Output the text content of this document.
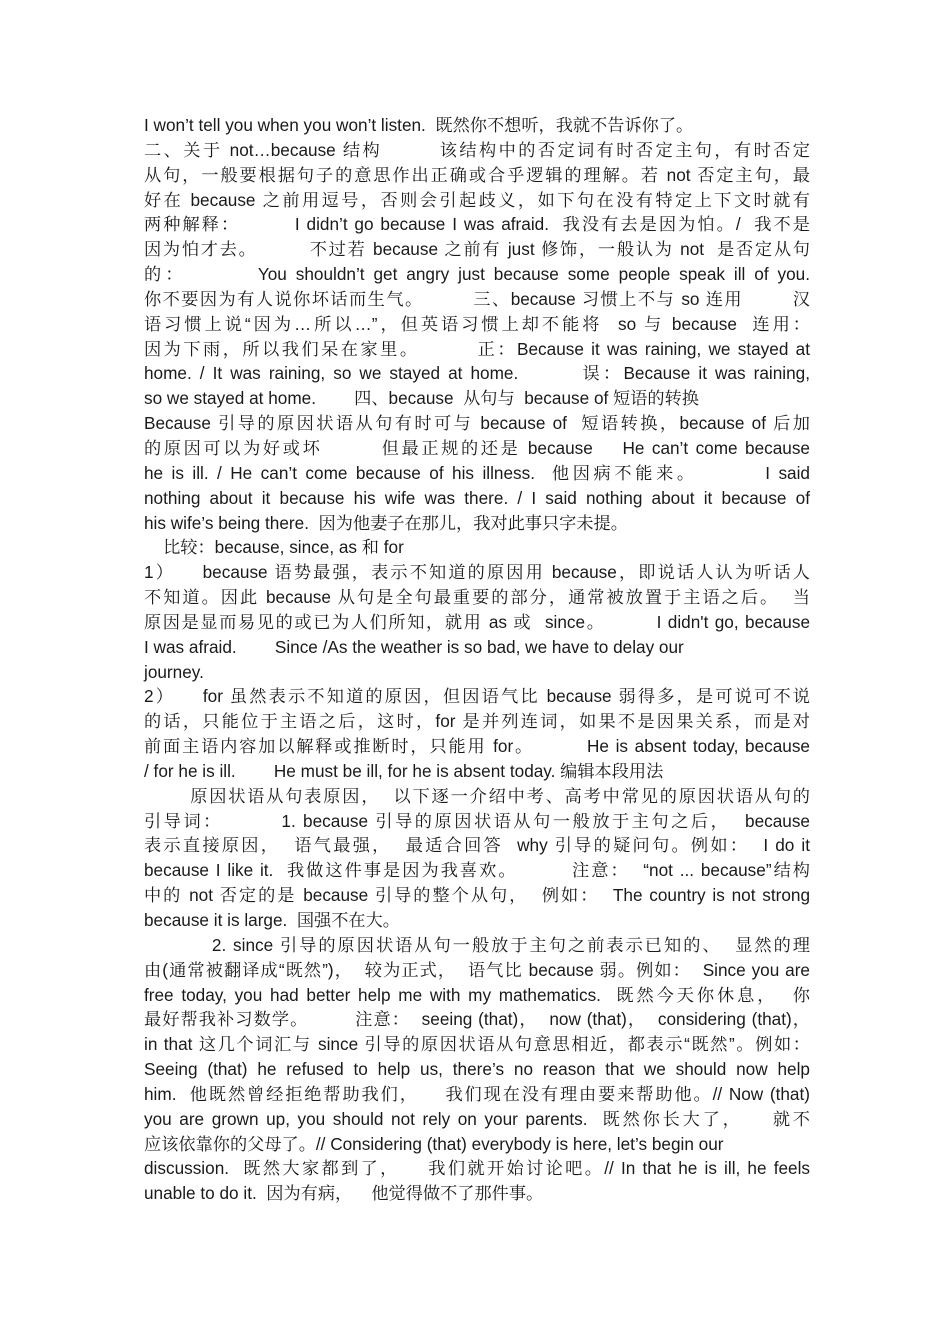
I won’t tell you when you won’t listen.  既然你不想听，我就不告诉你了。
二、关于 not…because 结构        该结构中的否定词有时否定主句，有时否定
从句，一般要根据句子的意思作出正确或合乎逻辑的理解。若 not 否定主句，最
好在 because 之前用逗号，否则会引起歧义，如下句在没有特定上下文时就有
两种解释：        I didn’t go because I was afraid.  我没有去是因为怕。/  我不是
因为怕才去。        不过若 because 之前有 just 修饰，一般认为 not  是否定从句
的：        You shouldn’t get angry just because some people speak ill of you.
你不要因为有人说你坏话而生气。        三、because 习惯上不与 so 连用        汉
语习惯上说“因为…所以…”，但英语习惯上却不能将  so 与 because  连用：
因为下雨，所以我们呆在家里。        正：Because it was raining, we stayed at
home. / It was raining, so we stayed at home.        误：Because it was raining,
so we stayed at home.        四、because  从句与  because of 短语的转换
Because 引导的原因状语从句有时可与 because of  短语转换，because of 后加
的原因可以为好或坏        但最正规的还是 because    He can’t come because
he is ill. / He can’t come because of his illness.  他因病不能来。        I said
nothing about it because his wife was there. / I said nothing about it because of
his wife’s being there.  因为他妻子在那儿，我对此事只字未提。
比较：because, since, as 和 for
1）    because 语势最强，表示不知道的原因用 because，即说话人认为听话人
不知道。因此 because 从句是全句最重要的部分，通常被放置于主语之后。  当
原因是显而易见的或已为人们所知，就用 as 或  since。        I didn't go, because
I was afraid.        Since /As the weather is so bad, we have to delay our
journey.
2）    for 虽然表示不知道的原因，但因语气比 because 弱得多，是可说可不说
的话，只能位于主语之后，这时，for 是并列连词，如果不是因果关系，而是对
前面主语内容加以解释或推断时，只能用 for。        He is absent today, because
/ for he is ill.        He must be ill, for he is absent today. 编辑本段用法
原因状语从句表原因，  以下逐一介绍中考、高考中常见的原因状语从句的
引导词：        1. because 引导的原因状语从句一般放于主句之后，  because
表示直接原因，  语气最强，  最适合回答  why 引导的疑问句。例如：  I do it
because I like it.  我做这件事是因为我喜欢。        注意：  “not ... because”结构
中的 not 否定的是 because 引导的整个从句，  例如：  The country is not strong
because it is large.  国强不在大。
2. since 引导的原因状语从句一般放于主句之前表示已知的、  显然的理
由(通常被翻译成“既然”)，  较为正式，  语气比 because 弱。例如：  Since you are
free today, you had better help me with my mathematics.  既然今天你休息，  你
最好帮我补习数学。        注意：  seeing (that)，  now (that)，  considering (that)，
in that 这几个词汇与 since 引导的原因状语从句意思相近，都表示“既然”。例如：
Seeing (that) he refused to help us, there’s no reason that we should now help
him.  他既然曾经拒绝帮助我们，    我们现在没有理由要来帮助他。// Now (that)
you are grown up, you should not rely on your parents.  既然你长大了，    就不
应该依靠你的父母了。// Considering (that) everybody is here, let’s begin our
discussion.  既然大家都到了，    我们就开始讨论吧。// In that he is ill, he feels
unable to do it.  因为有病，    他觉得做不了那件事。
